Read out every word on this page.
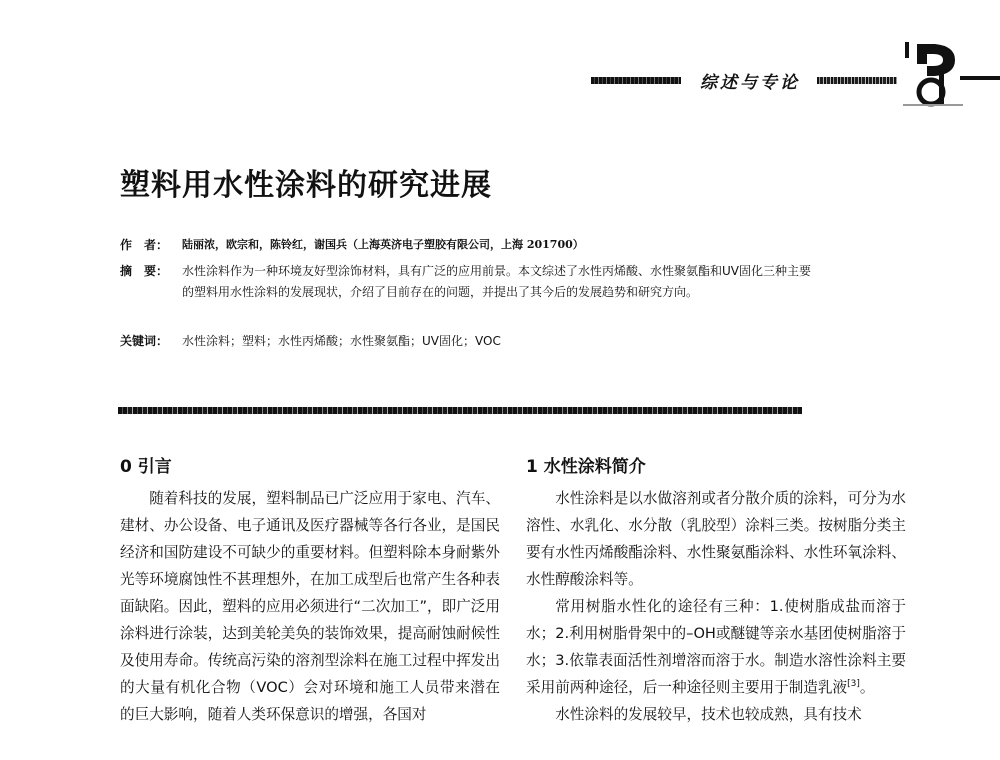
综述与专论
塑料用水性涂料的研究进展
作　者： 陆丽浓，欧宗和，陈铃红，谢国兵（上海英济电子塑胶有限公司，上海 201700）
摘　要： 水性涂料作为一种环境友好型涂饰材料，具有广泛的应用前景。本文综述了水性丙烯酸、水性聚氨酯和UV固化三种主要的塑料用水性涂料的发展现状，介绍了目前存在的问题，并提出了其今后的发展趋势和研究方向。
关键词： 水性涂料；塑料；水性丙烯酸；水性聚氨酯；UV固化；VOC
0 引言

随着科技的发展，塑料制品已广泛应用于家电、汽车、建材、办公设备、电子通讯及医疗器械等各行各业，是国民经济和国防建设不可缺少的重要材料。但塑料除本身耐紫外光等环境腐蚀性不甚理想外，在加工成型后也常产生各种表面缺陷。因此，塑料的应用必须进行“二次加工”，即广泛用涂料进行涂装，达到美轮美奂的装饰效果，提高耐蚀耐候性及使用寿命。传统高污染的溶剂型涂料在施工过程中挥发出的大量有机化合物（VOC）会对环境和施工人员带来潜在的巨大影响，随着人类环保意识的增强，各国对

1 水性涂料简介

水性涂料是以水做溶剂或者分散介质的涂料，可分为水溶性、水乳化、水分散（乳胶型）涂料三类。按树脂分类主要有水性丙烯酸酯涂料、水性聚氨酯涂料、水性环氧涂料、水性醇酸涂料等。

常用树脂水性化的途径有三种：1.使树脂成盐而溶于水；2.利用树脂骨架中的–OH或醚键等亲水基团使树脂溶于水；3.依靠表面活性剂增溶而溶于水。制造水溶性涂料主要采用前两种途径，后一种途径则主要用于制造乳液[3]。

水性涂料的发展较早，技术也较成熟，具有技术
